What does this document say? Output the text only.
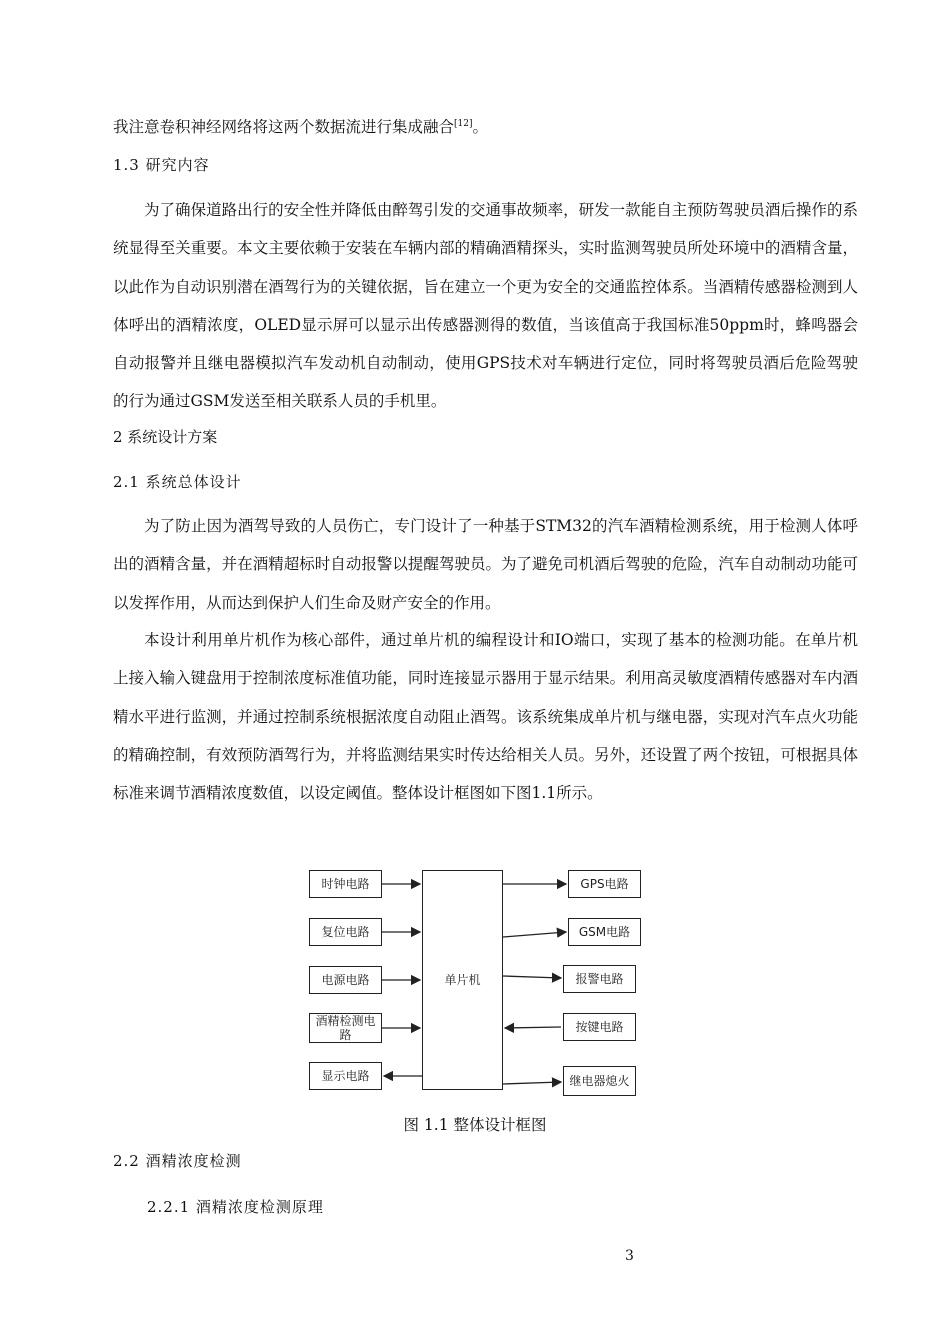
我注意卷积神经网络将这两个数据流进行集成融合[12]。
1.3 研究内容
为了确保道路出行的安全性并降低由醉驾引发的交通事故频率，研发一款能自主预防驾驶员酒后操作的系统显得至关重要。本文主要依赖于安装在车辆内部的精确酒精探头，实时监测驾驶员所处环境中的酒精含量，以此作为自动识别潜在酒驾行为的关键依据，旨在建立一个更为安全的交通监控体系。当酒精传感器检测到人体呼出的酒精浓度，OLED显示屏可以显示出传感器测得的数值，当该值高于我国标准50ppm时，蜂鸣器会自动报警并且继电器模拟汽车发动机自动制动，使用GPS技术对车辆进行定位，同时将驾驶员酒后危险驾驶的行为通过GSM发送至相关联系人员的手机里。
2 系统设计方案
2.1 系统总体设计
为了防止因为酒驾导致的人员伤亡，专门设计了一种基于STM32的汽车酒精检测系统，用于检测人体呼出的酒精含量，并在酒精超标时自动报警以提醒驾驶员。为了避免司机酒后驾驶的危险，汽车自动制动功能可以发挥作用，从而达到保护人们生命及财产安全的作用。
本设计利用单片机作为核心部件，通过单片机的编程设计和IO端口，实现了基本的检测功能。在单片机上接入输入键盘用于控制浓度标准值功能，同时连接显示器用于显示结果。利用高灵敏度酒精传感器对车内酒精水平进行监测，并通过控制系统根据浓度自动阻止酒驾。该系统集成单片机与继电器，实现对汽车点火功能的精确控制，有效预防酒驾行为，并将监测结果实时传达给相关人员。另外，还设置了两个按钮，可根据具体标准来调节酒精浓度数值，以设定阈值。整体设计框图如下图1.1所示。
单片机
时钟电路
复位电路
电源电路
酒精检测电路
显示电路
GPS电路
GSM电路
报警电路
按键电路
继电器熄火
图 1.1 整体设计框图
2.2 酒精浓度检测
2.2.1 酒精浓度检测原理
3
